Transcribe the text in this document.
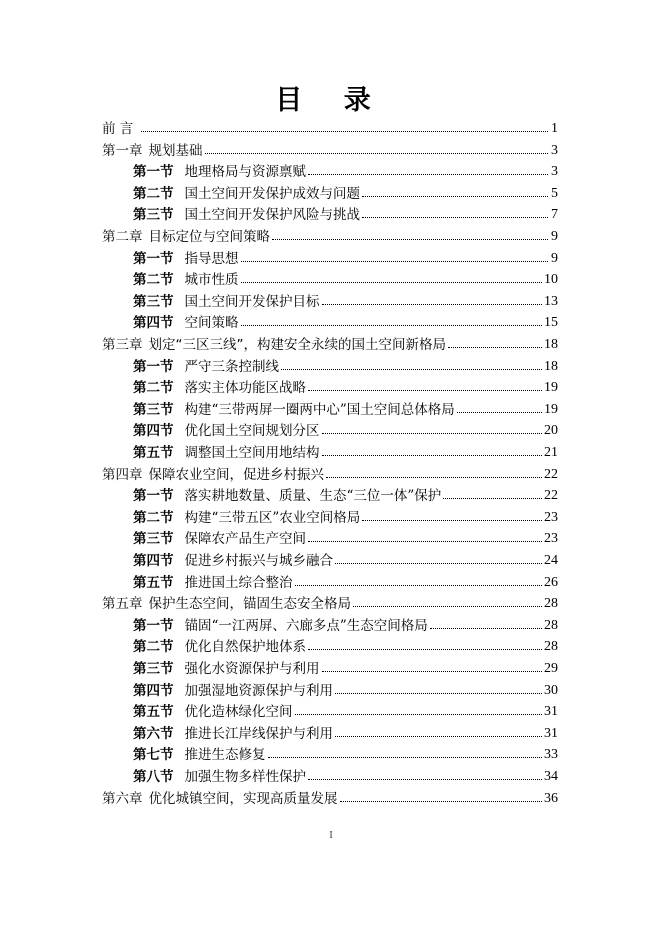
目 录
前 言	1
第一章 规划基础	3
第一节 地理格局与资源禀赋	3
第二节 国土空间开发保护成效与问题	5
第三节 国土空间开发保护风险与挑战	7
第二章 目标定位与空间策略	9
第一节 指导思想	9
第二节 城市性质	10
第三节 国土空间开发保护目标	13
第四节 空间策略	15
第三章 划定“三区三线”，构建安全永续的国土空间新格局	18
第一节 严守三条控制线	18
第二节 落实主体功能区战略	19
第三节 构建“三带两屏一圈两中心”国土空间总体格局	19
第四节 优化国土空间规划分区	20
第五节 调整国土空间用地结构	21
第四章 保障农业空间，促进乡村振兴	22
第一节 落实耕地数量、质量、生态“三位一体”保护	22
第二节 构建“三带五区”农业空间格局	23
第三节 保障农产品生产空间	23
第四节 促进乡村振兴与城乡融合	24
第五节 推进国土综合整治	26
第五章 保护生态空间，锚固生态安全格局	28
第一节 锚固“一江两屏、六廊多点”生态空间格局	28
第二节 优化自然保护地体系	28
第三节 强化水资源保护与利用	29
第四节 加强湿地资源保护与利用	30
第五节 优化造林绿化空间	31
第六节 推进长江岸线保护与利用	31
第七节 推进生态修复	33
第八节 加强生物多样性保护	34
第六章 优化城镇空间，实现高质量发展	36
I
